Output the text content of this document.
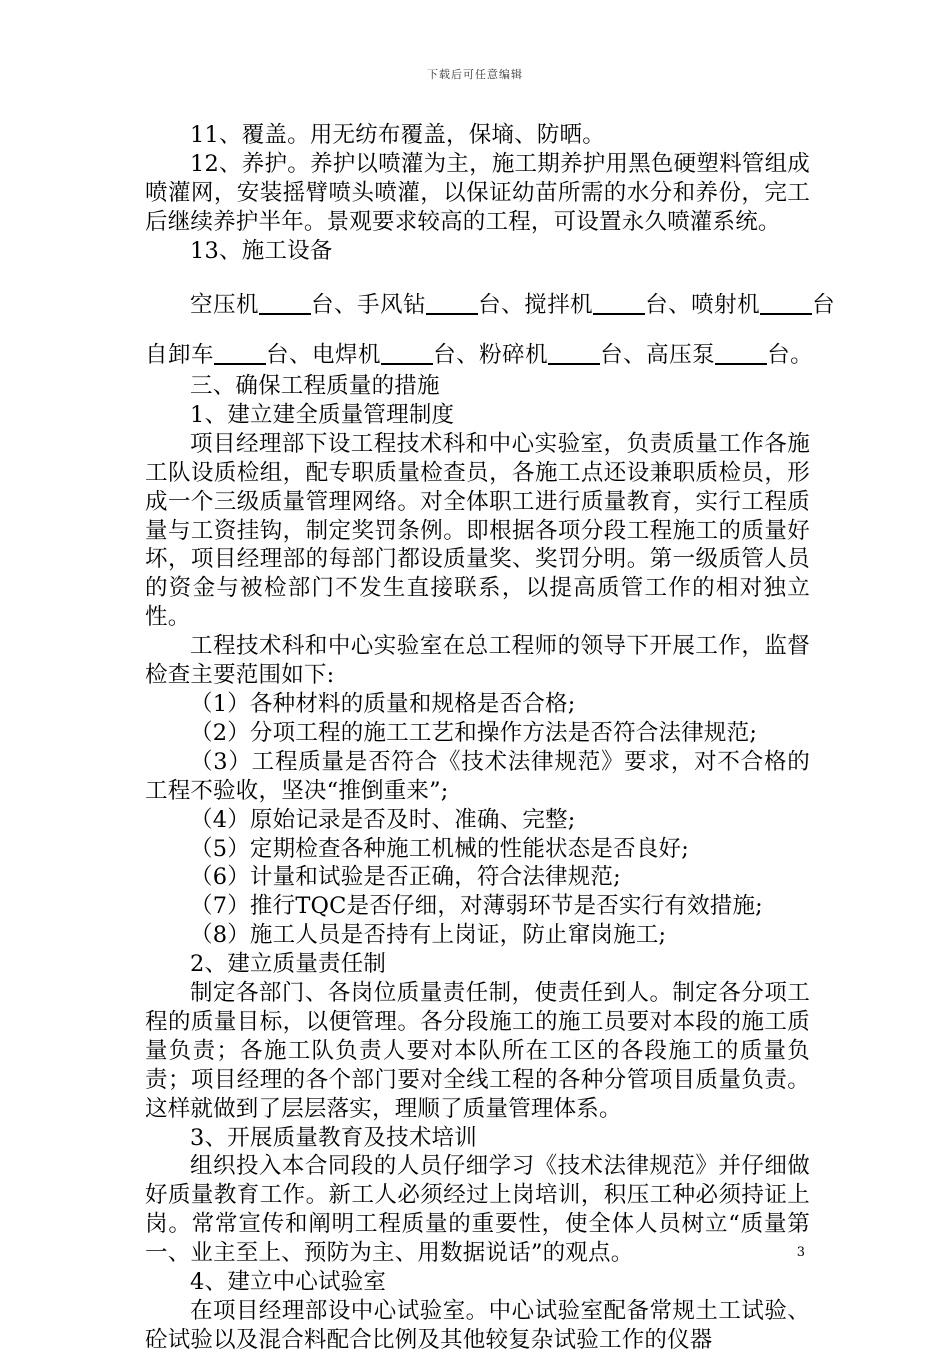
下载后可任意编辑

11、覆盖。用无纺布覆盖，保墒、防晒。

12、养护。养护以喷灌为主，施工期养护用黑色硬塑料管组成喷灌网，安装摇臂喷头喷灌，以保证幼苗所需的水分和养份，完工后继续养护半年。景观要求较高的工程，可设置永久喷灌系统。

13、施工设备

空压机 台、手风钻 台、搅拌机 台、喷射机 台
自卸车 台、电焊机 台、粉碎机 台、高压泵 台。

三、确保工程质量的措施

1、建立建全质量管理制度

项目经理部下设工程技术科和中心实验室，负责质量工作各施工队设质检组，配专职质量检查员，各施工点还设兼职质检员，形成一个三级质量管理网络。对全体职工进行质量教育，实行工程质量与工资挂钩，制定奖罚条例。即根据各项分段工程施工的质量好坏，项目经理部的每部门都设质量奖、奖罚分明。第一级质管人员的资金与被检部门不发生直接联系，以提高质管工作的相对独立性。

工程技术科和中心实验室在总工程师的领导下开展工作，监督检查主要范围如下:

（1）各种材料的质量和规格是否合格;

（2）分项工程的施工工艺和操作方法是否符合法律规范;

（3）工程质量是否符合《技术法律规范》要求，对不合格的工程不验收，坚决“推倒重来”;

（4）原始记录是否及时、准确、完整;

（5）定期检查各种施工机械的性能状态是否良好;

（6）计量和试验是否正确，符合法律规范;

（7）推行TQC是否仔细，对薄弱环节是否实行有效措施;

（8）施工人员是否持有上岗证，防止窜岗施工;

2、建立质量责任制

制定各部门、各岗位质量责任制，使责任到人。制定各分项工程的质量目标，以便管理。各分段施工的施工员要对本段的施工质量负责；各施工队负责人要对本队所在工区的各段施工的质量负责；项目经理的各个部门要对全线工程的各种分管项目质量负责。这样就做到了层层落实，理顺了质量管理体系。

3、开展质量教育及技术培训

组织投入本合同段的人员仔细学习《技术法律规范》并仔细做好质量教育工作。新工人必须经过上岗培训，积压工种必须持证上岗。常常宣传和阐明工程质量的重要性，使全体人员树立“质量第一、业主至上、预防为主、用数据说话”的观点。

4、建立中心试验室

在项目经理部设中心试验室。中心试验室配备常规土工试验、砼试验以及混合料配合比例及其他较复杂试验工作的仪器

3
